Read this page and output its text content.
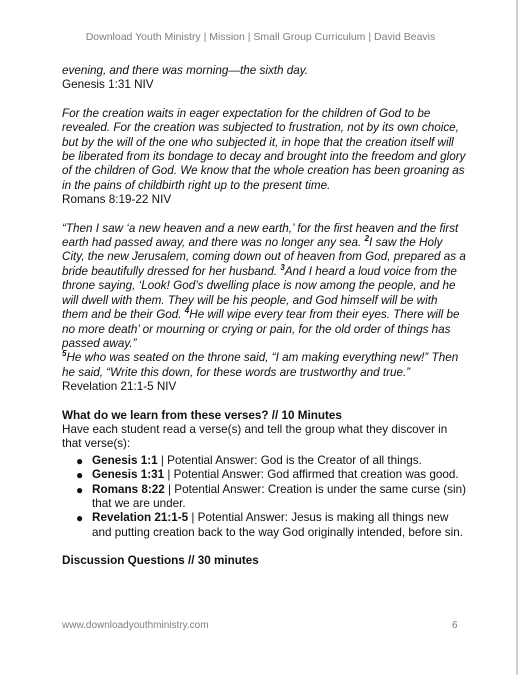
Download Youth Ministry | Mission | Small Group Curriculum | David Beavis

evening, and there was morning—the sixth day.

Genesis 1:31 NIV

For the creation waits in eager expectation for the children of God to be revealed. For the creation was subjected to frustration, not by its own choice, but by the will of the one who subjected it, in hope that the creation itself will be liberated from its bondage to decay and brought into the freedom and glory of the children of God. We know that the whole creation has been groaning as in the pains of childbirth right up to the present time.

Romans 8:19-22 NIV

“Then I saw ‘a new heaven and a new earth,’ for the first heaven and the first earth had passed away, and there was no longer any sea. $^2$I saw the Holy City, the new Jerusalem, coming down out of heaven from God, prepared as a bride beautifully dressed for her husband. $^3$And I heard a loud voice from the throne saying, ‘Look! God’s dwelling place is now among the people, and he will dwell with them. They will be his people, and God himself will be with them and be their God. $^4$He will wipe every tear from their eyes. There will be no more death’ or mourning or crying or pain, for the old order of things has passed away.”

$^5$He who was seated on the throne said, “I am making everything new!” Then he said, “Write this down, for these words are trustworthy and true.”

Revelation 21:1-5 NIV

What do we learn from these verses? // 10 Minutes

Have each student read a verse(s) and tell the group what they discover in that verse(s):

● Genesis 1:1 | Potential Answer: God is the Creator of all things.
● Genesis 1:31 | Potential Answer: God affirmed that creation was good.
● Romans 8:22 | Potential Answer: Creation is under the same curse (sin) that we are under.
● Revelation 21:1-5 | Potential Answer: Jesus is making all things new and putting creation back to the way God originally intended, before sin.

Discussion Questions // 30 minutes

www.downloadyouthministry.com	6
